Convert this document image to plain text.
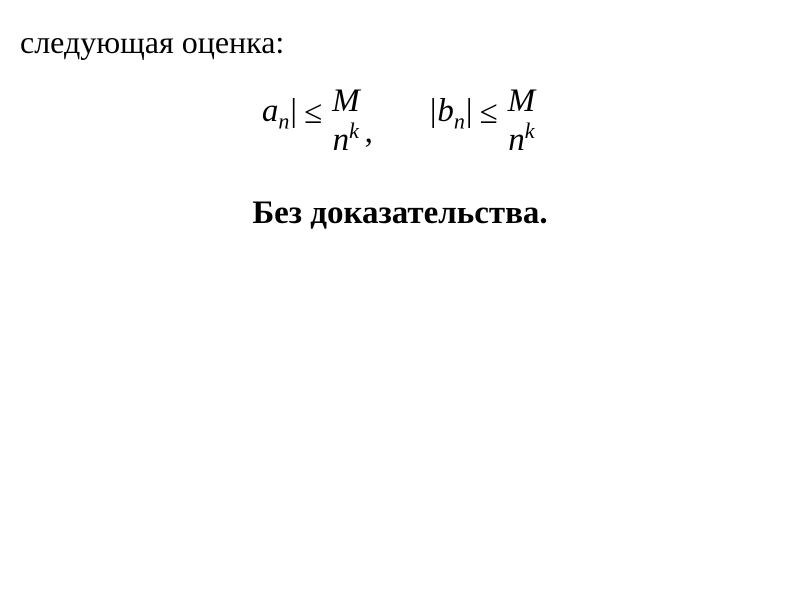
следующая оценка:
$a_n| \le M$
$n^k$ ,
$|b_n| \le M$
$n^k$
Без доказательства.
